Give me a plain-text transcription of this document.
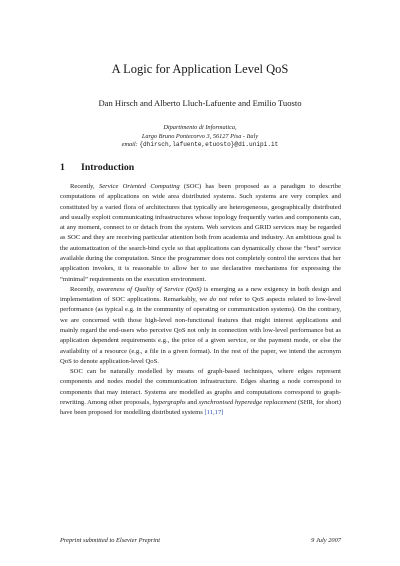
A Logic for Application Level QoS
Dan Hirsch and Alberto Lluch-Lafuente and Emilio Tuosto
Dipartimento di Informatica,
Largo Bruno Pontecorvo 3, 56127 Pisa - Italy
email: {dhirsch,lafuente,etuosto}@di.unipi.it
1 Introduction

Recently, Service Oriented Computing (SOC) has been proposed as a paradigm to describe computations of applications on wide area distributed systems. Such systems are very complex and constituted by a varied flora of architectures that typically are heterogeneous, geographically distributed and usually exploit communicating infrastructures whose topology frequently varies and components can, at any moment, connect to or detach from the system. Web services and GRID services may be regarded as SOC and they are receiving particular attention both from academia and industry. An ambitious goal is the automatization of the search-bind cycle so that applications can dynamically chose the “best” service available during the computation. Since the programmer does not completely control the services that her application invokes, it is reasonable to allow her to use declarative mechanisms for expressing the “minimal” requirements on the execution environment.

Recently, awareness of Quality of Service (QoS) is emerging as a new exigency in both design and implementation of SOC applications. Remarkably, we do not refer to QoS aspects related to low-level performance (as typical e.g. in the community of operating or communication systems). On the contrary, we are concerned with those high-level non-functional features that might interest applications and mainly regard the end-users who perceive QoS not only in connection with low-level performance but as application dependent requirements e.g., the price of a given service, or the payment mode, or else the availability of a resource (e.g., a file in a given format). In the rest of the paper, we intend the acronym QoS to denote application-level QoS.

SOC can be naturally modelled by means of graph-based techniques, where edges represent components and nodes model the communication infrastructure. Edges sharing a node correspond to components that may interact. Systems are modelled as graphs and computations correspond to graph-rewriting. Among other proposals, hypergraphs and synchronised hyperedge replacement (SHR, for short) have been proposed for modelling distributed systems [11,17]

Preprint submitted to Elsevier Preprint	9 July 2007
